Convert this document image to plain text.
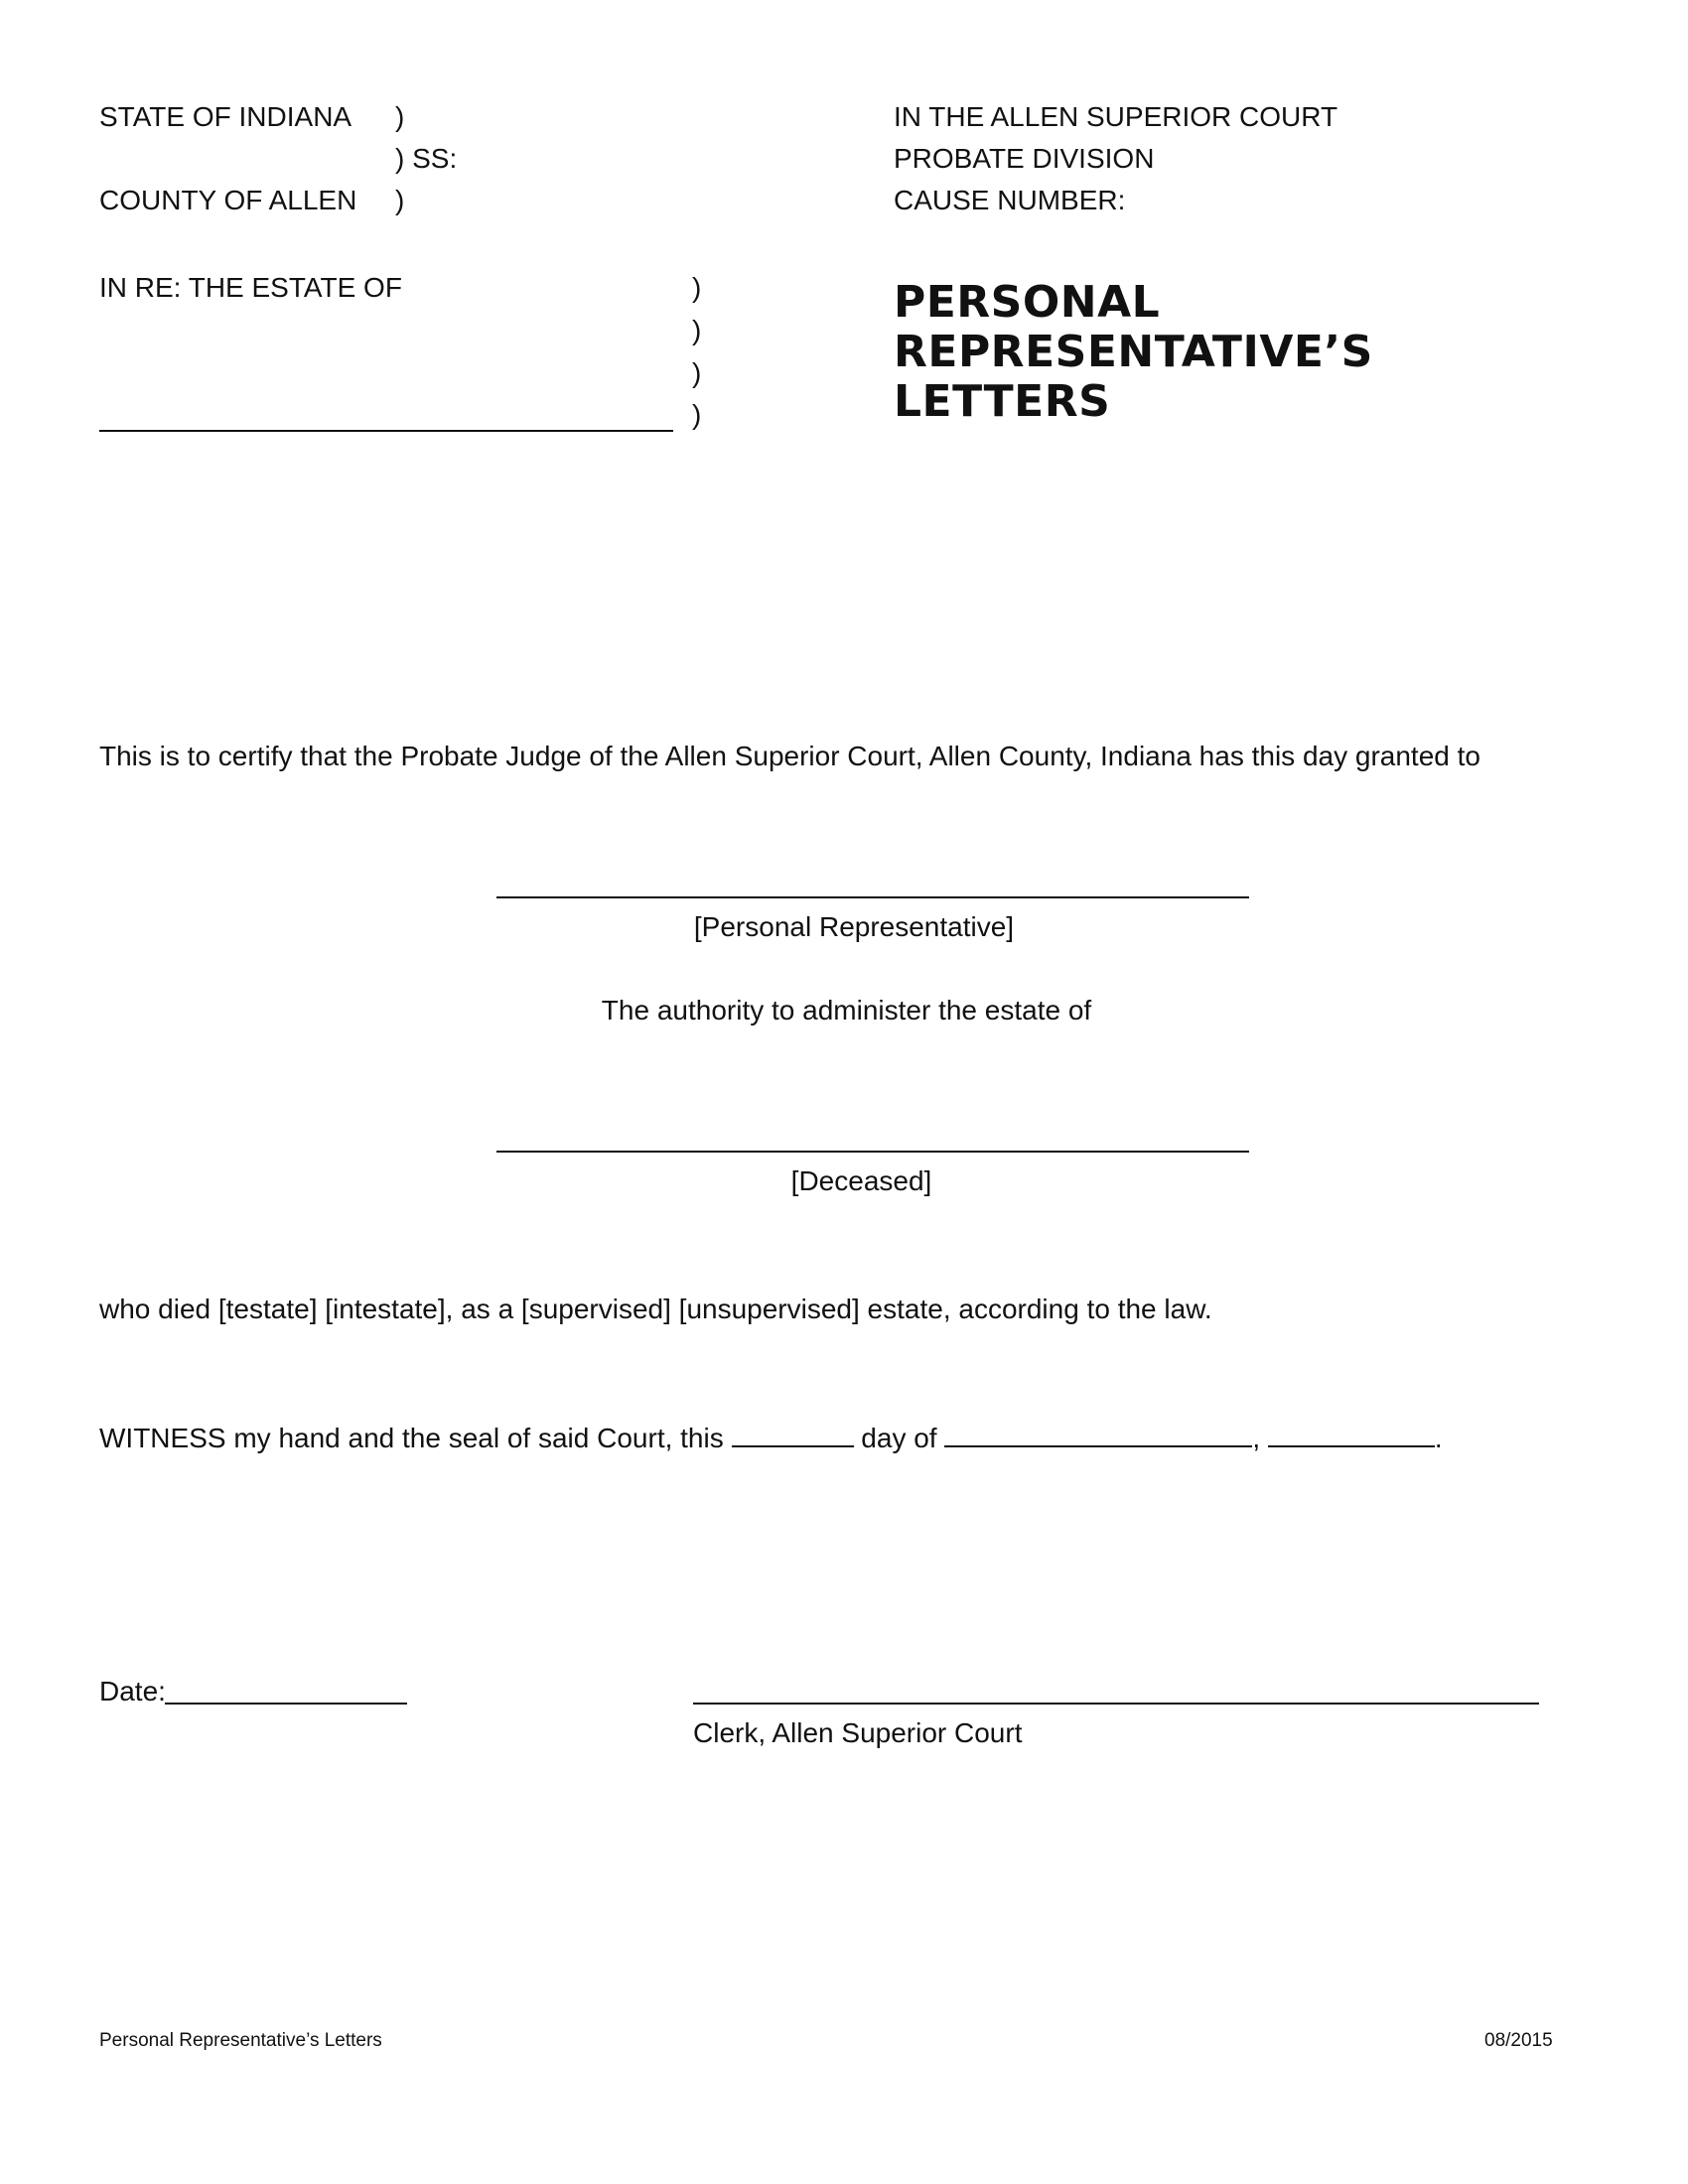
STATE OF INDIANA )
) SS:
COUNTY OF ALLEN )
IN THE ALLEN SUPERIOR COURT
PROBATE DIVISION
CAUSE NUMBER:
IN RE: THE ESTATE OF	)
)
)
)
PERSONAL
REPRESENTATIVE’S
LETTERS
This is to certify that the Probate Judge of the Allen Superior Court, Allen County, Indiana has this day granted to
[Personal Representative]
The authority to administer the estate of
[Deceased]
who died [testate] [intestate], as a [supervised] [unsupervised] estate, according to the law.
WITNESS my hand and the seal of said Court, this	day of	,	.
Date:
Clerk, Allen Superior Court
Personal Representative’s Letters	08/2015
